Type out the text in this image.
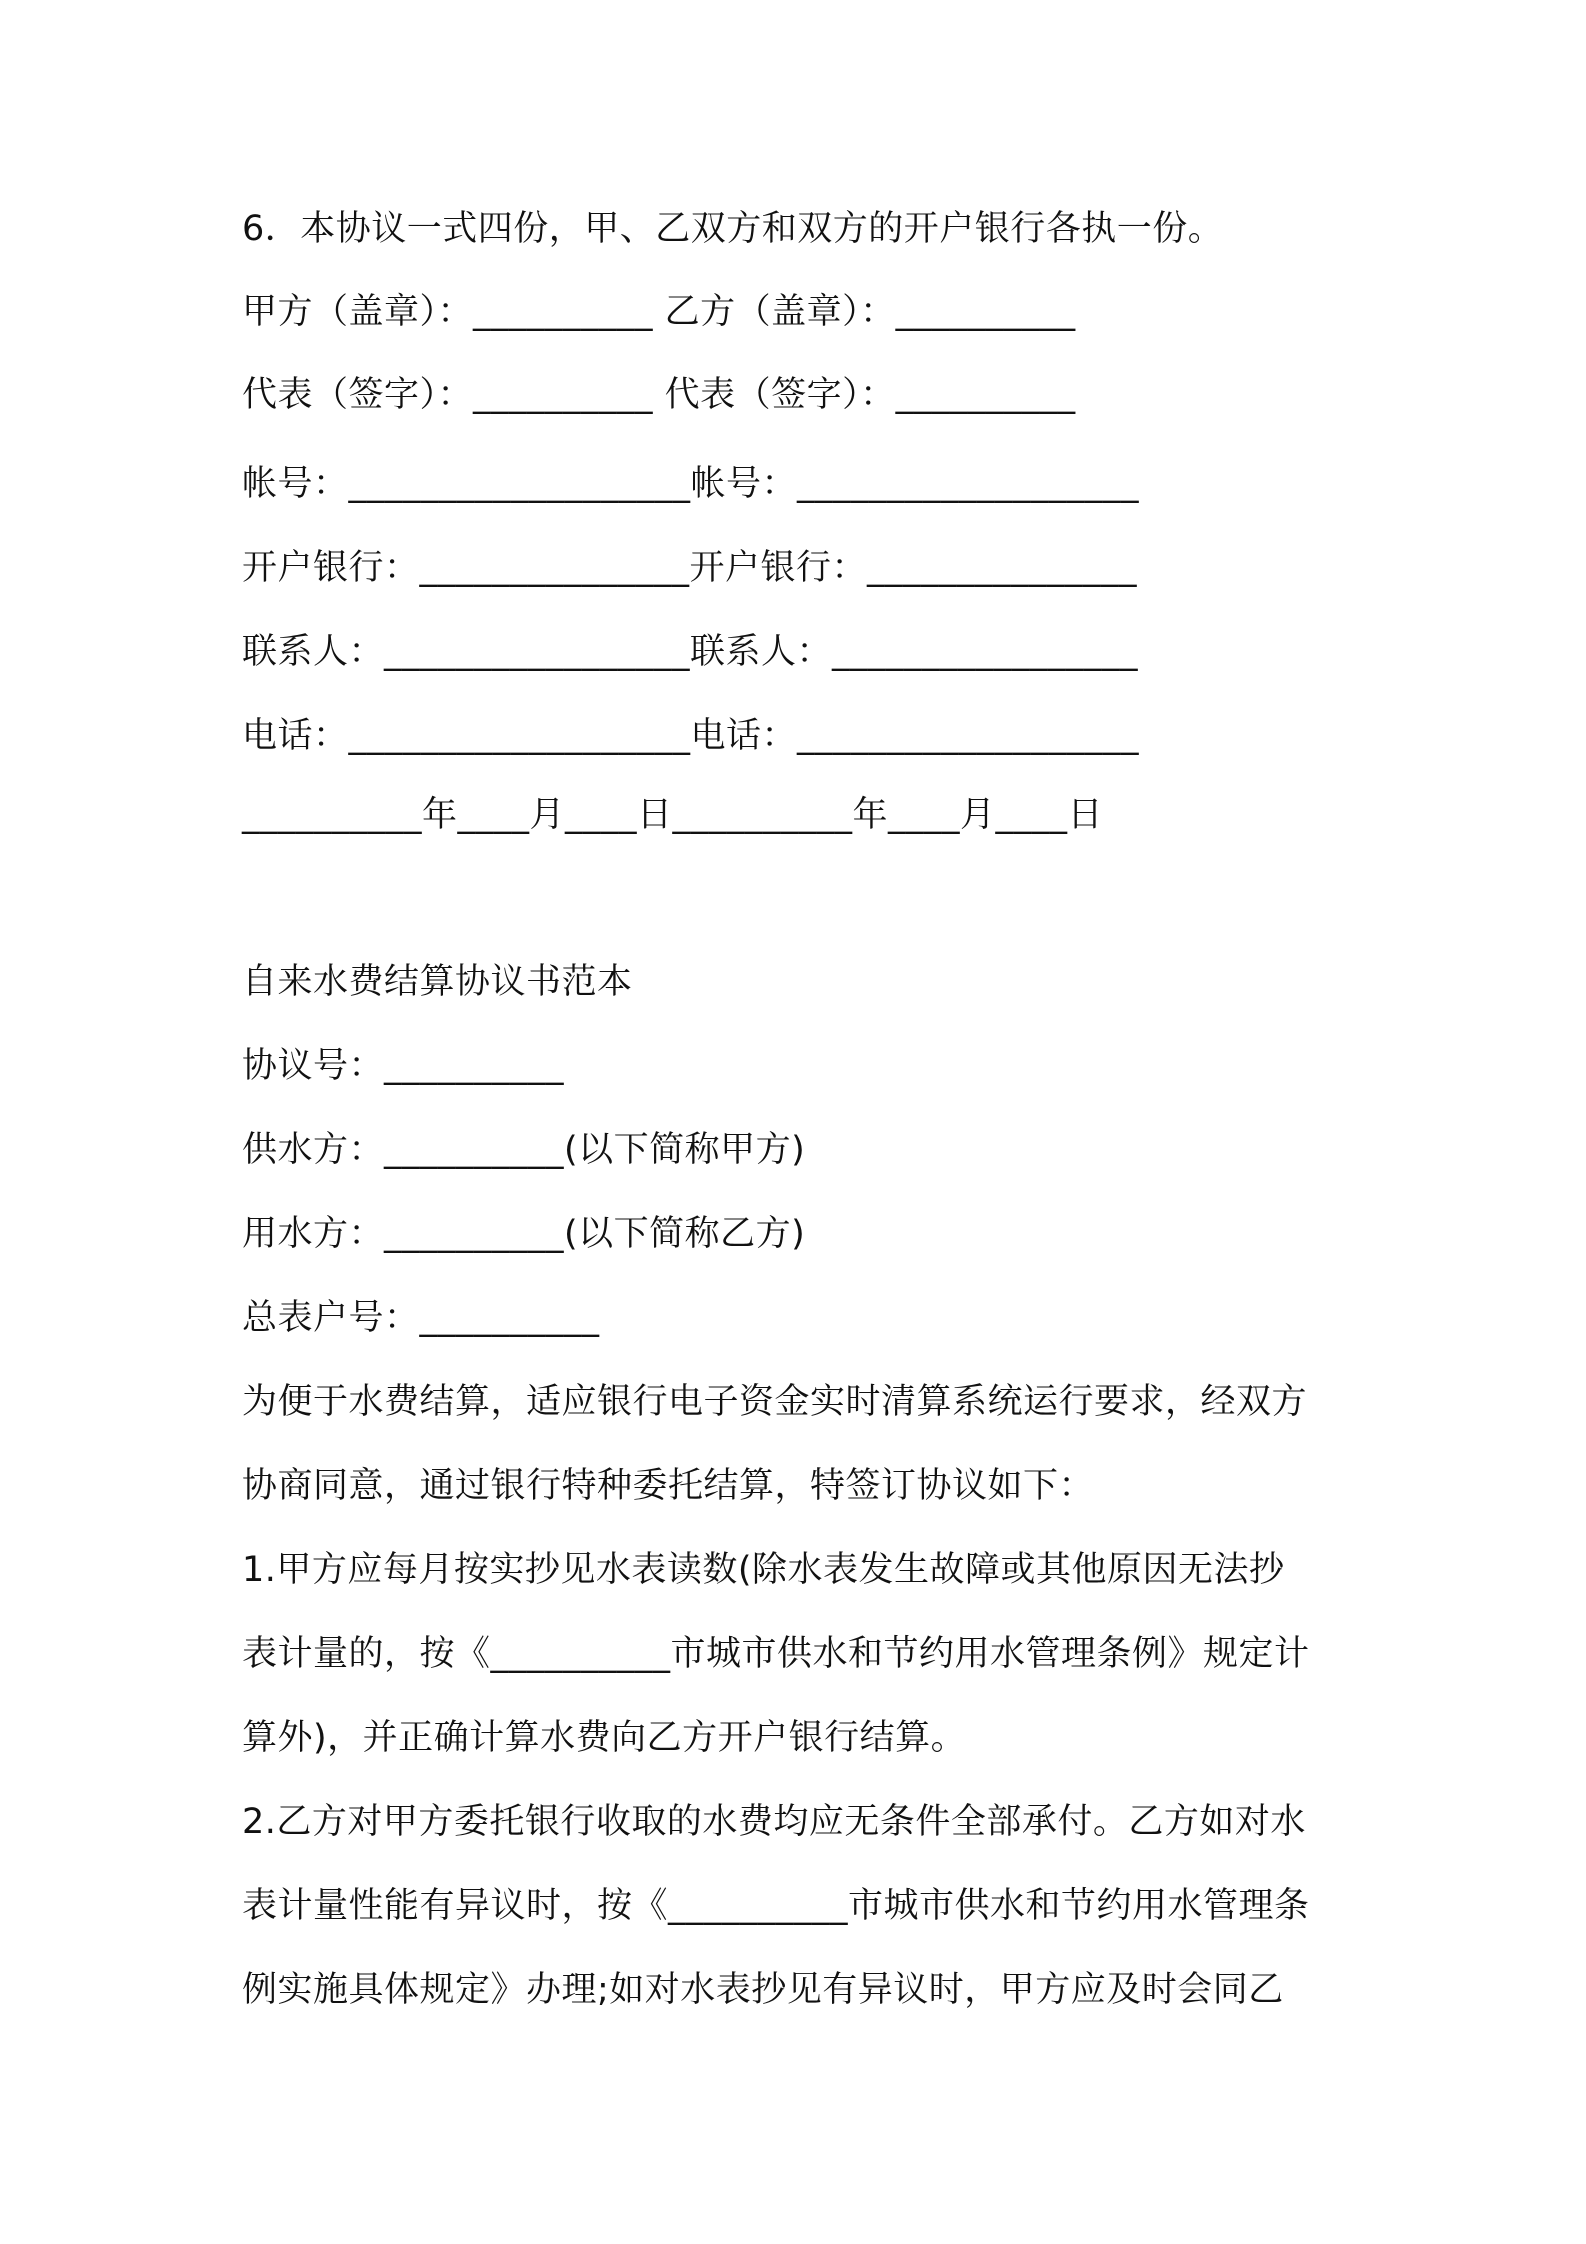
6．本协议一式四份，甲、乙双方和双方的开户银行各执一份。
甲方（盖章）：__________ 乙方（盖章）：__________
代表（签字）：__________ 代表（签字）：__________
帐号：___________________帐号：___________________
开户银行：_______________开户银行：_______________
联系人：_________________联系人：_________________
电话：___________________电话：___________________
__________年____月____日__________年____月____日
自来水费结算协议书范本
协议号：__________
供水方：__________(以下简称甲方)
用水方：__________(以下简称乙方)
总表户号：__________
为便于水费结算，适应银行电子资金实时清算系统运行要求，经双方
协商同意，通过银行特种委托结算，特签订协议如下：
1.甲方应每月按实抄见水表读数(除水表发生故障或其他原因无法抄
表计量的，按《__________市城市供水和节约用水管理条例》规定计
算外)，并正确计算水费向乙方开户银行结算。
2.乙方对甲方委托银行收取的水费均应无条件全部承付。乙方如对水
表计量性能有异议时，按《__________市城市供水和节约用水管理条
例实施具体规定》办理;如对水表抄见有异议时，甲方应及时会同乙
